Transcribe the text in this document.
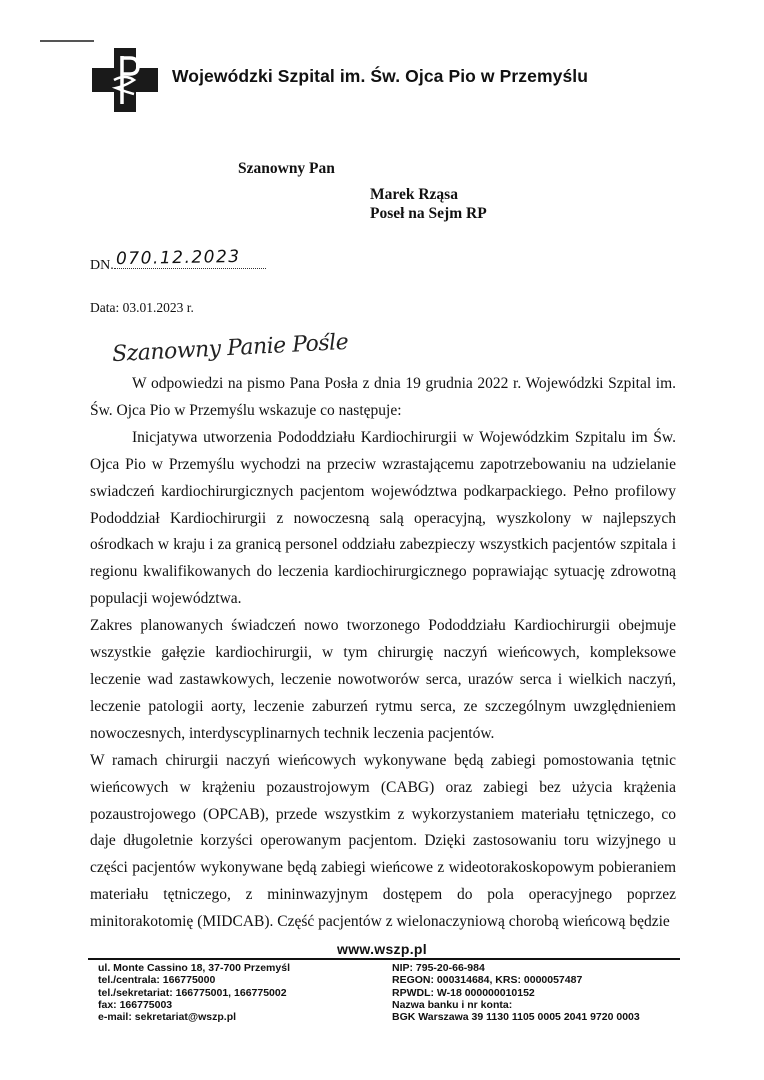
Wojewódzki Szpital im. Św. Ojca Pio w Przemyślu
Szanowny Pan
Marek Rząsa
Poseł na Sejm RP
DN. 070.12.2023
Data: 03.01.2023 r.
Szanowny Panie Pośle

W odpowiedzi na pismo Pana Posła z dnia 19 grudnia 2022 r. Wojewódzki Szpital im. Św. Ojca Pio w Przemyślu wskazuje co następuje:

Inicjatywa utworzenia Pododdziału Kardiochirurgii w Wojewódzkim Szpitalu im Św. Ojca Pio w Przemyślu wychodzi na przeciw wzrastającemu zapotrzebowaniu na udzielanie swiadczeń kardiochirurgicznych pacjentom województwa podkarpackiego. Pełno profilowy Pododdział Kardiochirurgii z nowoczesną salą operacyjną, wyszkolony w najlepszych ośrodkach w kraju i za granicą personel oddziału zabezpieczy wszystkich pacjentów szpitala i regionu kwalifikowanych do leczenia kardiochirurgicznego poprawiając sytuację zdrowotną populacji województwa.

Zakres planowanych świadczeń nowo tworzonego Pododdziału Kardiochirurgii obejmuje wszystkie gałęzie kardiochirurgii, w tym chirurgię naczyń wieńcowych, kompleksowe leczenie wad zastawkowych, leczenie nowotworów serca, urazów serca i wielkich naczyń, leczenie patologii aorty, leczenie zaburzeń rytmu serca, ze szczególnym uwzględnieniem nowoczesnych, interdyscyplinarnych technik leczenia pacjentów.

W ramach chirurgii naczyń wieńcowych wykonywane będą zabiegi pomostowania tętnic wieńcowych w krążeniu pozaustrojowym (CABG) oraz zabiegi bez użycia krążenia pozaustrojowego (OPCAB), przede wszystkim z wykorzystaniem materiału tętniczego, co daje długoletnie korzyści operowanym pacjentom. Dzięki zastosowaniu toru wizyjnego u części pacjentów wykonywane będą zabiegi wieńcowe z wideotorakoskopowym pobieraniem materiału tętniczego, z mininwazyjnym dostępem do pola operacyjnego poprzez minitorakotomię (MIDCAB). Część pacjentów z wielonaczyniową chorobą wieńcową będzie

www.wszp.pl
ul. Monte Cassino 18, 37-700 Przemyśl
tel./centrala: 166775000
tel./sekretariat: 166775001, 166775002
fax: 166775003
e-mail: sekretariat@wszp.pl
NIP: 795-20-66-984
REGON: 000314684, KRS: 0000057487
RPWDL: W-18 000000010152
Nazwa banku i nr konta:
BGK Warszawa 39 1130 1105 0005 2041 9720 0003
